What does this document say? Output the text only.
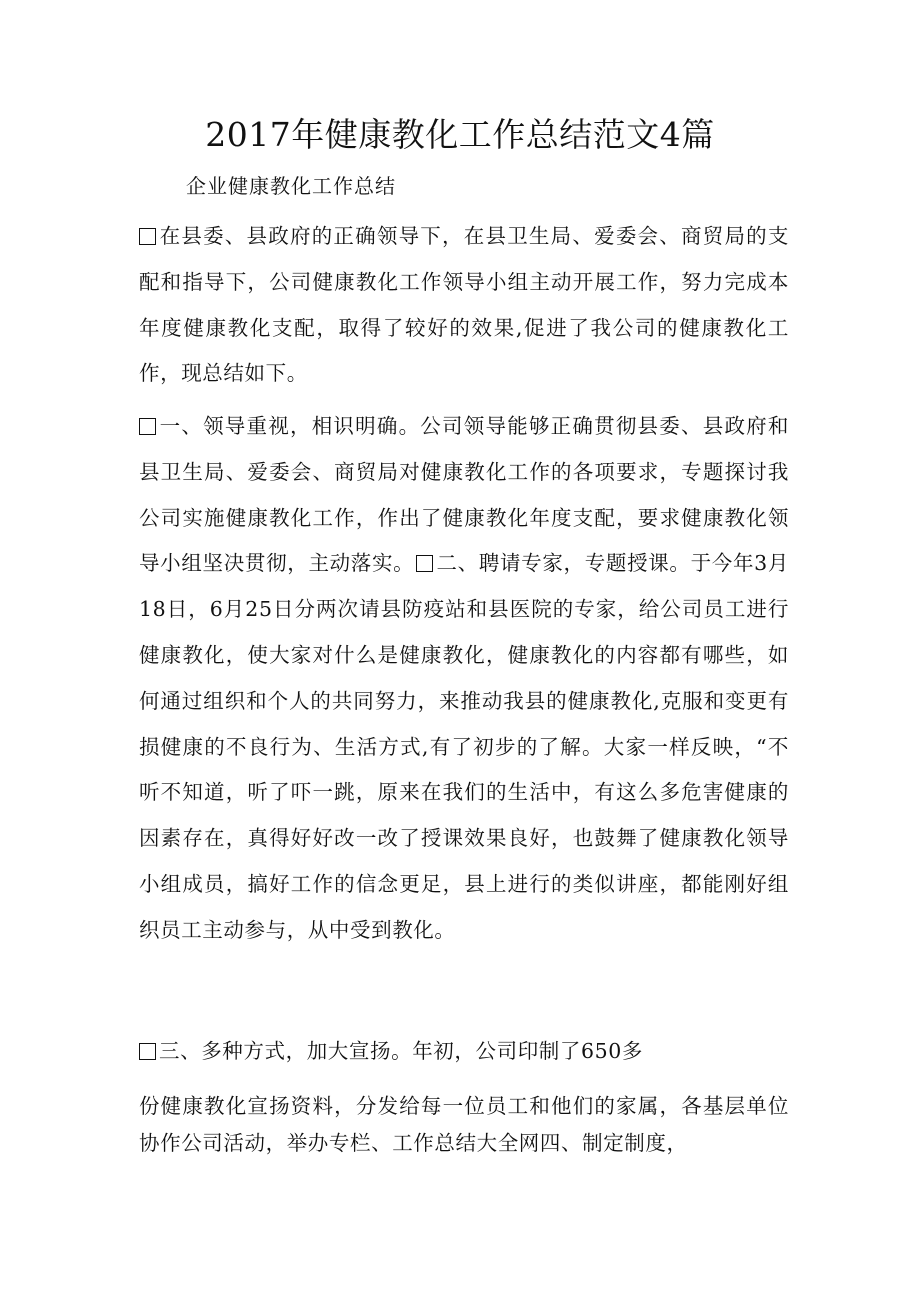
2017年健康教化工作总结范文4篇
企业健康教化工作总结
在县委、县政府的正确领导下，在县卫生局、爱委会、商贸局的支配和指导下，公司健康教化工作领导小组主动开展工作，努力完成本年度健康教化支配，取得了较好的效果,促进了我公司的健康教化工作，现总结如下。
一、领导重视，相识明确。公司领导能够正确贯彻县委、县政府和县卫生局、爱委会、商贸局对健康教化工作的各项要求，专题探讨我公司实施健康教化工作，作出了健康教化年度支配，要求健康教化领导小组坚决贯彻，主动落实。 二、聘请专家，专题授课。于今年3月18日，6月25日分两次请县防疫站和县医院的专家，给公司员工进行健康教化，使大家对什么是健康教化，健康教化的内容都有哪些，如何通过组织和个人的共同努力，来推动我县的健康教化,克服和变更有损健康的不良行为、生活方式,有了初步的了解。大家一样反映，“不听不知道，听了吓一跳，原来在我们的生活中，有这么多危害健康的因素存在，真得好好改一改了授课效果良好，也鼓舞了健康教化领导小组成员，搞好工作的信念更足，县上进行的类似讲座，都能刚好组织员工主动参与，从中受到教化。
三、多种方式，加大宣扬。年初，公司印制了650多
份健康教化宣扬资料，分发给每一位员工和他们的家属，各基层单位协作公司活动，举办专栏、工作总结大全网四、制定制度，
